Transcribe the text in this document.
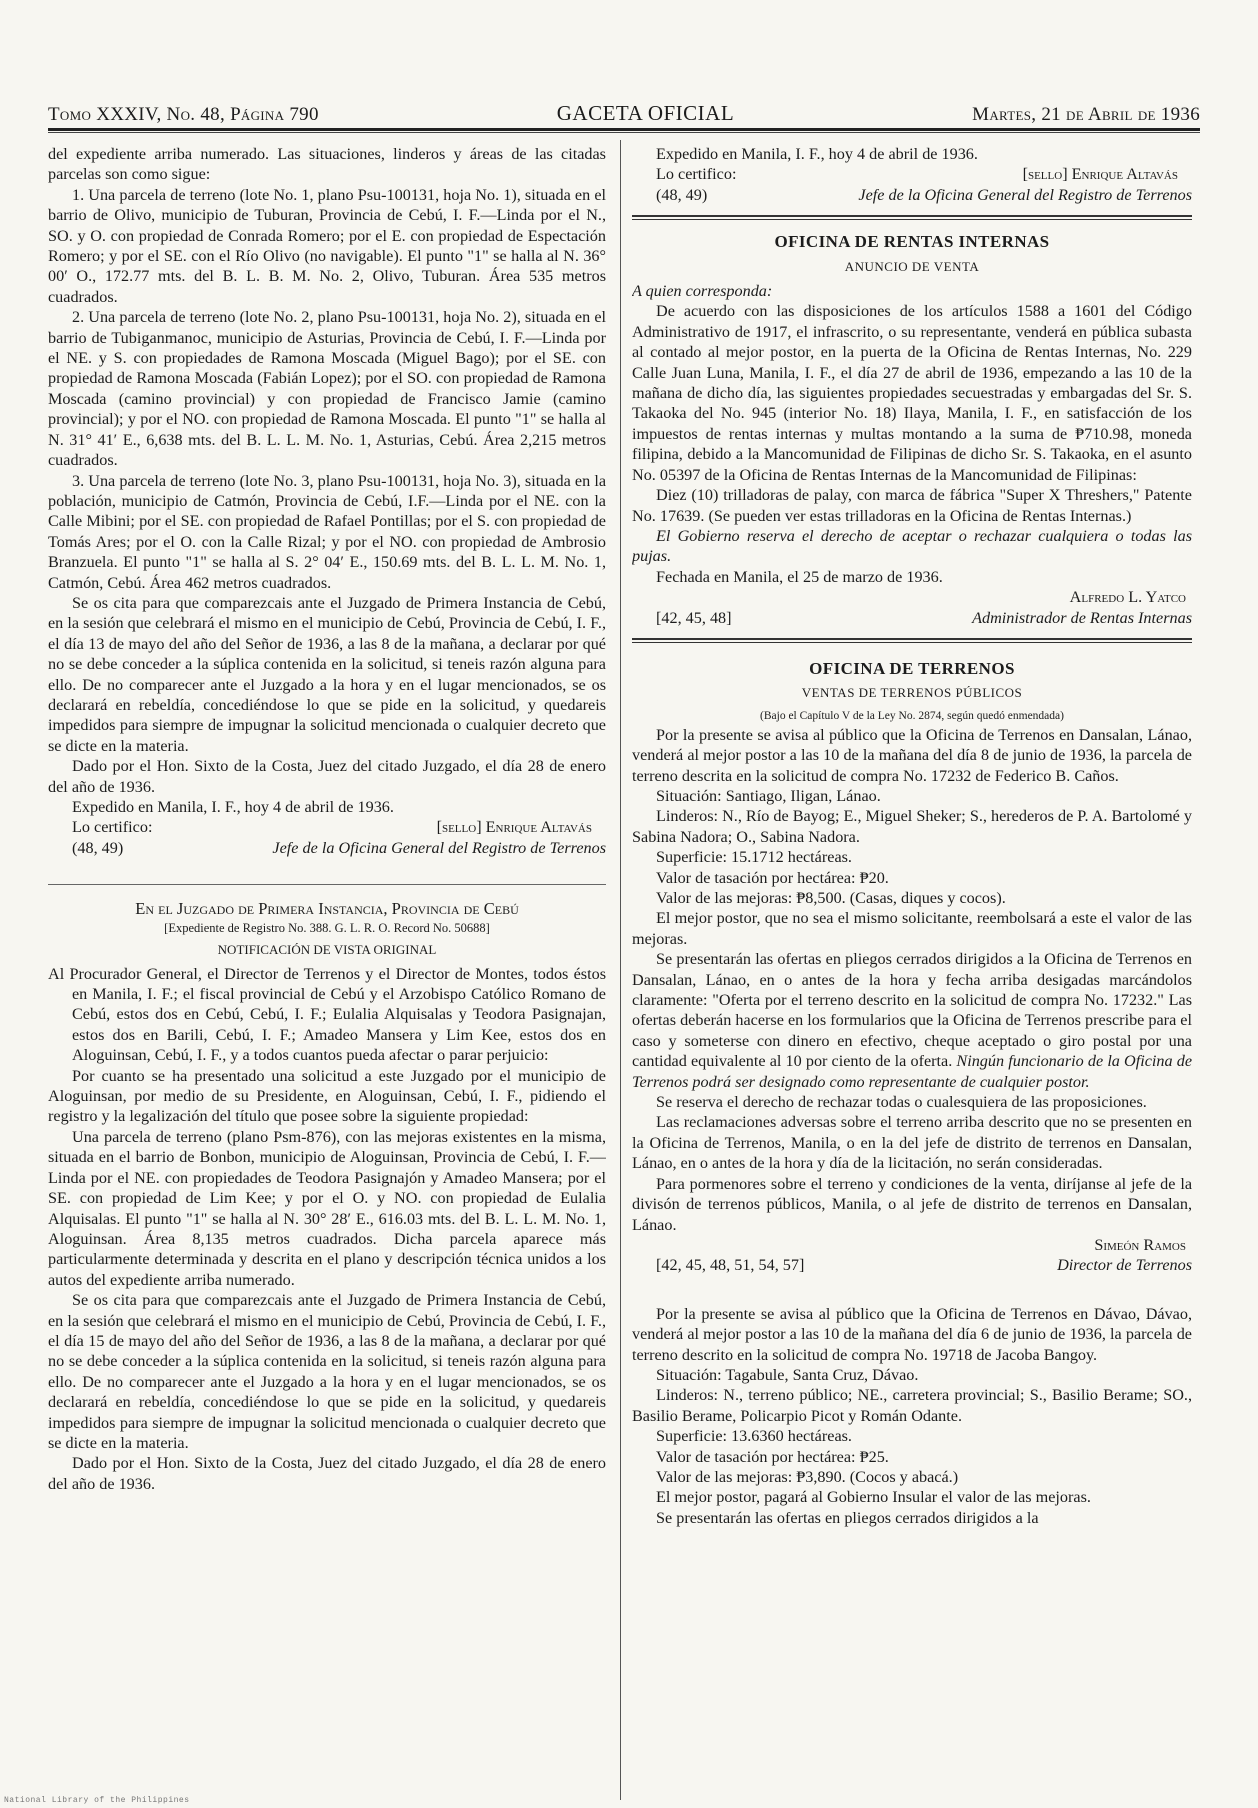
Tomo XXXIV, No. 48, Página 790	GACETA OFICIAL	Martes, 21 de Abril de 1936

del expediente arriba numerado. Las situaciones, linderos y áreas de las citadas parcelas son como sigue:

1. Una parcela de terreno (lote No. 1, plano Psu-100131, hoja No. 1), situada en el barrio de Olivo, municipio de Tuburan, Provincia de Cebú, I. F.—Linda por el N., SO. y O. con propiedad de Conrada Romero; por el E. con propiedad de Espectación Romero; y por el SE. con el Río Olivo (no navigable). El punto "1" se halla al N. 36° 00′ O., 172.77 mts. del B. L. B. M. No. 2, Olivo, Tuburan. Área 535 metros cuadrados.

2. Una parcela de terreno (lote No. 2, plano Psu-100131, hoja No. 2), situada en el barrio de Tubiganmanoc, municipio de Asturias, Provincia de Cebú, I. F.—Linda por el NE. y S. con propiedades de Ramona Moscada (Miguel Bago); por el SE. con propiedad de Ramona Moscada (Fabián Lopez); por el SO. con propiedad de Ramona Moscada (camino provincial) y con propiedad de Francisco Jamie (camino provincial); y por el NO. con propiedad de Ramona Moscada. El punto "1" se halla al N. 31° 41′ E., 6,638 mts. del B. L. L. M. No. 1, Asturias, Cebú. Área 2,215 metros cuadrados.

3. Una parcela de terreno (lote No. 3, plano Psu-100131, hoja No. 3), situada en la población, municipio de Catmón, Provincia de Cebú, I.F.—Linda por el NE. con la Calle Mibini; por el SE. con propiedad de Rafael Pontillas; por el S. con propiedad de Tomás Ares; por el O. con la Calle Rizal; y por el NO. con propiedad de Ambrosio Branzuela. El punto "1" se halla al S. 2° 04′ E., 150.69 mts. del B. L. L. M. No. 1, Catmón, Cebú. Área 462 metros cuadrados.

Se os cita para que comparezcais ante el Juzgado de Primera Instancia de Cebú, en la sesión que celebrará el mismo en el municipio de Cebú, Provincia de Cebú, I. F., el día 13 de mayo del año del Señor de 1936, a las 8 de la mañana, a declarar por qué no se debe conceder a la súplica contenida en la solicitud, si teneis razón alguna para ello. De no comparecer ante el Juzgado a la hora y en el lugar mencionados, se os declarará en rebeldía, concediéndose lo que se pide en la solicitud, y quedareis impedidos para siempre de impugnar la solicitud mencionada o cualquier decreto que se dicte en la materia.

Dado por el Hon. Sixto de la Costa, Juez del citado Juzgado, el día 28 de enero del año de 1936.

Expedido en Manila, I. F., hoy 4 de abril de 1936.

Lo certifico:	[sello] Enrique Altavás
(48, 49)	Jefe de la Oficina General del Registro de Terrenos

En el Juzgado de Primera Instancia, Provincia de Cebú

[Expediente de Registro No. 388. G. L. R. O. Record No. 50688]

NOTIFICACIÓN DE VISTA ORIGINAL

Al Procurador General, el Director de Terrenos y el Director de Montes, todos éstos en Manila, I. F.; el fiscal provincial de Cebú y el Arzobispo Católico Romano de Cebú, estos dos en Cebú, Cebú, I. F.; Eulalia Alquisalas y Teodora Pasignajan, estos dos en Barili, Cebú, I. F.; Amadeo Mansera y Lim Kee, estos dos en Aloguinsan, Cebú, I. F., y a todos cuantos pueda afectar o parar perjuicio:

Por cuanto se ha presentado una solicitud a este Juzgado por el municipio de Aloguinsan, por medio de su Presidente, en Aloguinsan, Cebú, I. F., pidiendo el registro y la legalización del título que posee sobre la siguiente propiedad:

Una parcela de terreno (plano Psm-876), con las mejoras existentes en la misma, situada en el barrio de Bonbon, municipio de Aloguinsan, Provincia de Cebú, I. F.—Linda por el NE. con propiedades de Teodora Pasignajón y Amadeo Mansera; por el SE. con propiedad de Lim Kee; y por el O. y NO. con propiedad de Eulalia Alquisalas. El punto "1" se halla al N. 30° 28′ E., 616.03 mts. del B. L. L. M. No. 1, Aloguinsan. Área 8,135 metros cuadrados. Dicha parcela aparece más particularmente determinada y descrita en el plano y descripción técnica unidos a los autos del expediente arriba numerado.

Se os cita para que comparezcais ante el Juzgado de Primera Instancia de Cebú, en la sesión que celebrará el mismo en el municipio de Cebú, Provincia de Cebú, I. F., el día 15 de mayo del año del Señor de 1936, a las 8 de la mañana, a declarar por qué no se debe conceder a la súplica contenida en la solicitud, si teneis razón alguna para ello. De no comparecer ante el Juzgado a la hora y en el lugar mencionados, se os declarará en rebeldía, concediéndose lo que se pide en la solicitud, y quedareis impedidos para siempre de impugnar la solicitud mencionada o cualquier decreto que se dicte en la materia.

Dado por el Hon. Sixto de la Costa, Juez del citado Juzgado, el día 28 de enero del año de 1936.

Expedido en Manila, I. F., hoy 4 de abril de 1936.

Lo certifico:	[sello] Enrique Altavás
(48, 49)	Jefe de la Oficina General del Registro de Terrenos

OFICINA DE RENTAS INTERNAS

ANUNCIO DE VENTA

A quien corresponda:

De acuerdo con las disposiciones de los artículos 1588 a 1601 del Código Administrativo de 1917, el infrascrito, o su representante, venderá en pública subasta al contado al mejor postor, en la puerta de la Oficina de Rentas Internas, No. 229 Calle Juan Luna, Manila, I. F., el día 27 de abril de 1936, empezando a las 10 de la mañana de dicho día, las siguientes propiedades secuestradas y embargadas del Sr. S. Takaoka del No. 945 (interior No. 18) Ilaya, Manila, I. F., en satisfacción de los impuestos de rentas internas y multas montando a la suma de ₱710.98, moneda filipina, debido a la Mancomunidad de Filipinas de dicho Sr. S. Takaoka, en el asunto No. 05397 de la Oficina de Rentas Internas de la Mancomunidad de Filipinas:

Diez (10) trilladoras de palay, con marca de fábrica "Super X Threshers," Patente No. 17639. (Se pueden ver estas trilladoras en la Oficina de Rentas Internas.)

El Gobierno reserva el derecho de aceptar o rechazar cualquiera o todas las pujas.

Fechada en Manila, el 25 de marzo de 1936.

Alfredo L. Yatco

[42, 45, 48]	Administrador de Rentas Internas

OFICINA DE TERRENOS

VENTAS DE TERRENOS PÚBLICOS

(Bajo el Capítulo V de la Ley No. 2874, según quedó enmendada)

Por la presente se avisa al público que la Oficina de Terrenos en Dansalan, Lánao, venderá al mejor postor a las 10 de la mañana del día 8 de junio de 1936, la parcela de terreno descrita en la solicitud de compra No. 17232 de Federico B. Caños.

Situación: Santiago, Iligan, Lánao.

Linderos: N., Río de Bayog; E., Miguel Sheker; S., herederos de P. A. Bartolomé y Sabina Nadora; O., Sabina Nadora.

Superficie: 15.1712 hectáreas.

Valor de tasación por hectárea: ₱20.

Valor de las mejoras: ₱8,500. (Casas, diques y cocos).

El mejor postor, que no sea el mismo solicitante, reembolsará a este el valor de las mejoras.

Se presentarán las ofertas en pliegos cerrados dirigidos a la Oficina de Terrenos en Dansalan, Lánao, en o antes de la hora y fecha arriba desigadas marcándolos claramente: "Oferta por el terreno descrito en la solicitud de compra No. 17232." Las ofertas deberán hacerse en los formularios que la Oficina de Terrenos prescribe para el caso y someterse con dinero en efectivo, cheque aceptado o giro postal por una cantidad equivalente al 10 por ciento de la oferta. Ningún funcionario de la Oficina de Terrenos podrá ser designado como representante de cualquier postor.

Se reserva el derecho de rechazar todas o cualesquiera de las proposiciones.

Las reclamaciones adversas sobre el terreno arriba descrito que no se presenten en la Oficina de Terrenos, Manila, o en la del jefe de distrito de terrenos en Dansalan, Lánao, en o antes de la hora y día de la licitación, no serán consideradas.

Para pormenores sobre el terreno y condiciones de la venta, diríjanse al jefe de la divisón de terrenos públicos, Manila, o al jefe de distrito de terrenos en Dansalan, Lánao.

Simeón Ramos

[42, 45, 48, 51, 54, 57]	Director de Terrenos

Por la presente se avisa al público que la Oficina de Terrenos en Dávao, Dávao, venderá al mejor postor a las 10 de la mañana del día 6 de junio de 1936, la parcela de terreno descrito en la solicitud de compra No. 19718 de Jacoba Bangoy.

Situación: Tagabule, Santa Cruz, Dávao.

Linderos: N., terreno público; NE., carretera provincial; S., Basilio Berame; SO., Basilio Berame, Policarpio Picot y Román Odante.

Superficie: 13.6360 hectáreas.

Valor de tasación por hectárea: ₱25.

Valor de las mejoras: ₱3,890. (Cocos y abacá.)

El mejor postor, pagará al Gobierno Insular el valor de las mejoras.

Se presentarán las ofertas en pliegos cerrados dirigidos a la

National Library of the Philippines
